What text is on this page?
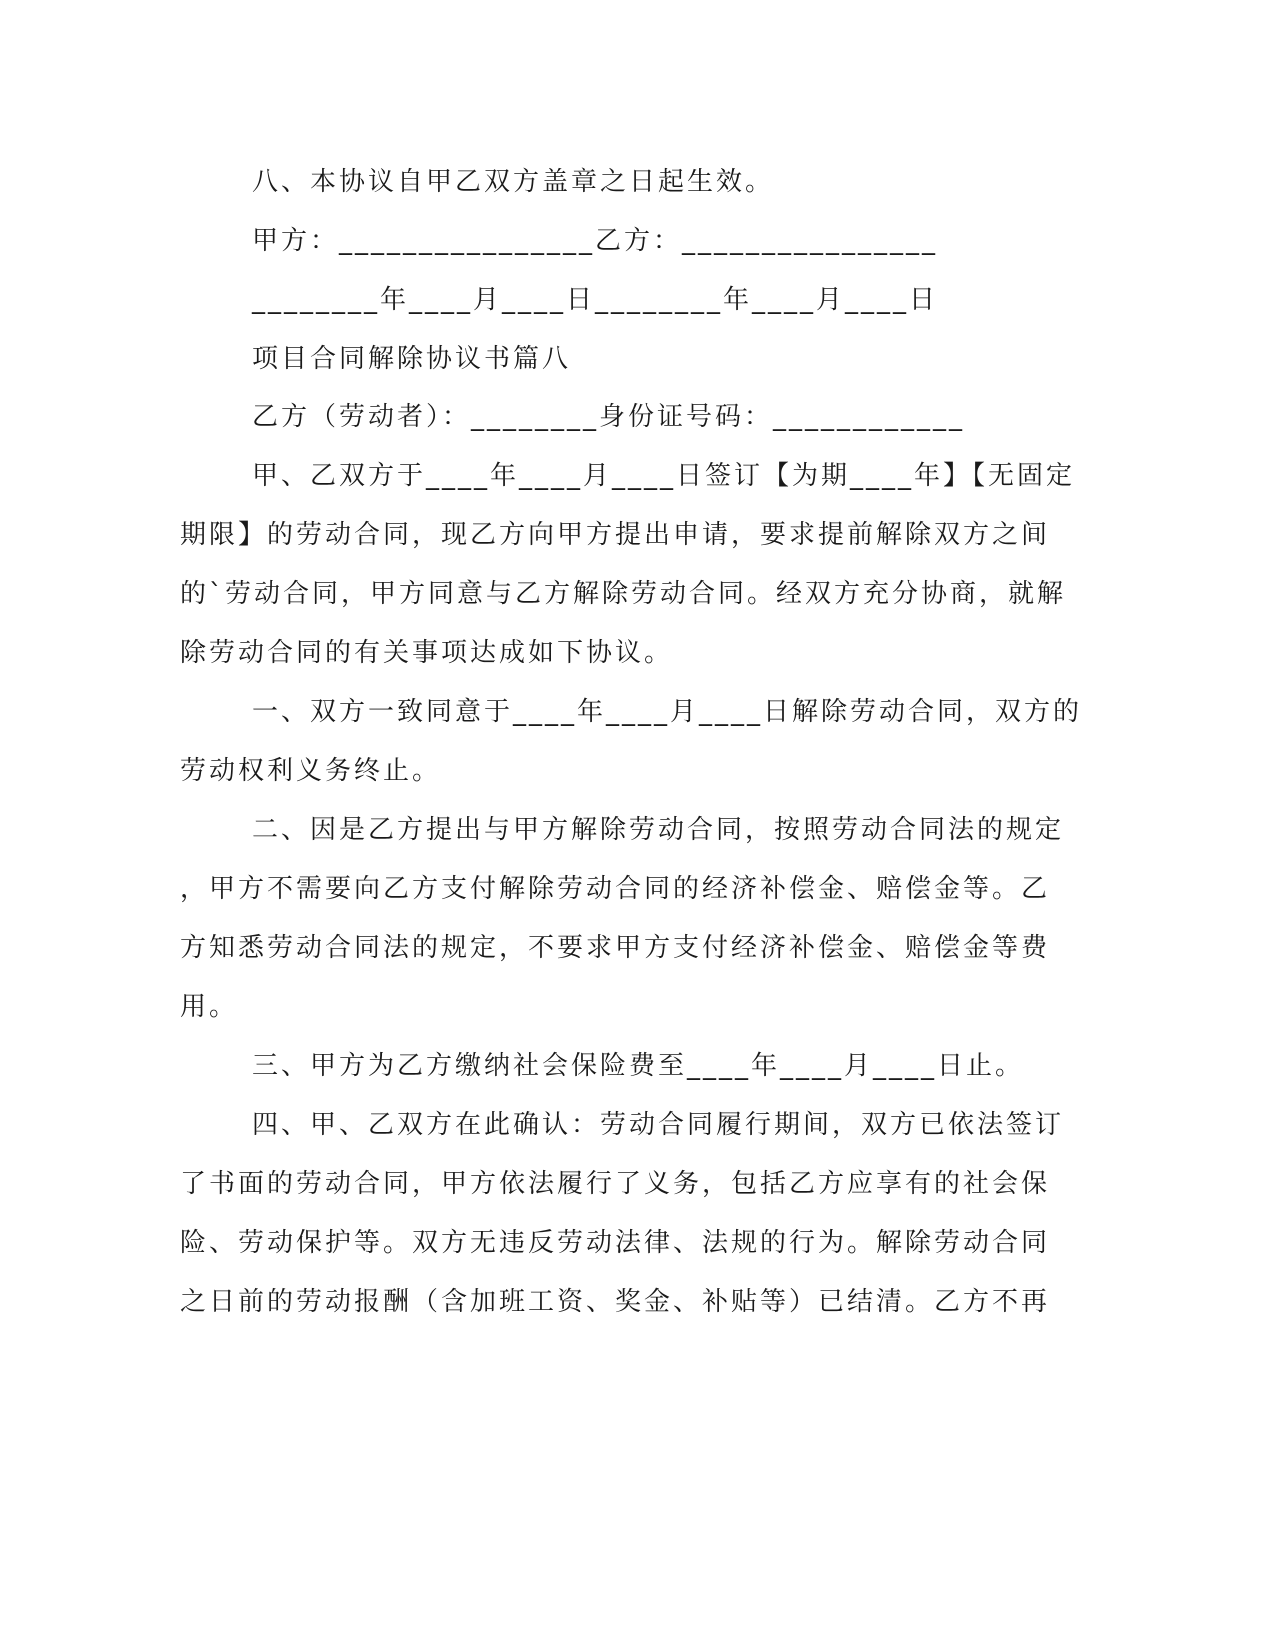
八、本协议自甲乙双方盖章之日起生效。
甲方：________________乙方：________________
________年____月____日________年____月____日
项目合同解除协议书篇八
乙方（劳动者）：________身份证号码：____________
甲、乙双方于____年____月____日签订【为期____年】【无固定
期限】的劳动合同，现乙方向甲方提出申请，要求提前解除双方之间
的`劳动合同，甲方同意与乙方解除劳动合同。经双方充分协商，就解
除劳动合同的有关事项达成如下协议。
一、双方一致同意于____年____月____日解除劳动合同，双方的
劳动权利义务终止。
二、因是乙方提出与甲方解除劳动合同，按照劳动合同法的规定
，甲方不需要向乙方支付解除劳动合同的经济补偿金、赔偿金等。乙
方知悉劳动合同法的规定，不要求甲方支付经济补偿金、赔偿金等费
用。
三、甲方为乙方缴纳社会保险费至____年____月____日止。
四、甲、乙双方在此确认：劳动合同履行期间，双方已依法签订
了书面的劳动合同，甲方依法履行了义务，包括乙方应享有的社会保
险、劳动保护等。双方无违反劳动法律、法规的行为。解除劳动合同
之日前的劳动报酬（含加班工资、奖金、补贴等）已结清。乙方不再
